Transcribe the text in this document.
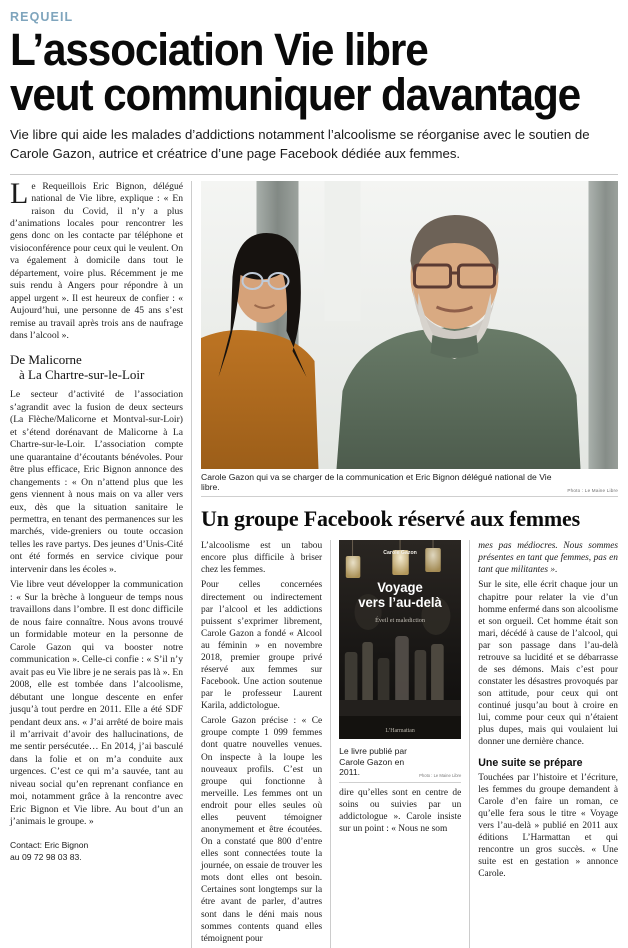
REQUEIL
L’association Vie libre
veut communiquer davantage
Vie libre qui aide les malades d’addictions notamment l’alcoolisme se réorganise avec le soutien de Carole Gazon, autrice et créatrice d’une page Facebook dédiée aux femmes.

Le Requeillois Eric Bignon, délégué national de Vie libre, explique : « En raison du Covid, il n’y a plus d’animations locales pour rencontrer les gens donc on les contacte par téléphone et visioconférence pour ceux qui le veulent. On va également à domicile dans tout le département, voire plus. Récemment je me suis rendu à Angers pour répondre à un appel urgent ». Il est heureux de confier : « Aujourd’hui, une personne de 45 ans s’est remise au travail après trois ans de naufrage dans l’alcool ».

De Malicorne
à La Chartre-sur-le-Loir

Le secteur d’activité de l’association s’agrandit avec la fusion de deux secteurs (La Flèche/Malicorne et Montval-sur-Loir) et s’étend dorénavant de Malicorne à La Chartre-sur-le-Loir. L’association compte une quarantaine d’écoutants bénévoles. Pour être plus efficace, Eric Bignon annonce des changements : « On n’attend plus que les gens viennent à nous mais on va aller vers eux, dès que la situation sanitaire le permettra, en tenant des permanences sur les marchés, vide-greniers ou toute occasion telles les rave partys. Des jeunes d’Unis-Cité ont été formés en service civique pour intervenir dans les écoles ».

Vie libre veut développer la communication : « Sur la brèche à longueur de temps nous travaillons dans l’ombre. Il est donc difficile de nous faire connaître. Nous avons trouvé un formidable moteur en la personne de Carole Gazon qui va booster notre communication ». Celle-ci confie : « S’il n’y avait pas eu Vie libre je ne serais pas là ». En 2008, elle est tombée dans l’alcoolisme, débutant une longue descente en enfer jusqu’à tout perdre en 2011. Elle a été SDF pendant deux ans. « J’ai arrêté de boire mais il m’arrivait d’avoir des hallucinations, de me sentir persécutée… En 2014, j’ai basculé dans la folie et on m’a conduite aux urgences. C’est ce qui m’a sauvée, tant au niveau social qu’en reprenant confiance en moi, notamment grâce à la rencontre avec Eric Bignon et Vie libre. Au bout d’un an j’animais le groupe. »

Contact: Eric Bignon
au 09 72 98 03 83.
Carole Gazon qui va se charger de la communication et Eric Bignon délégué national de Vie libre.	Photo : Le Maine Libre
Un groupe Facebook réservé aux femmes

L’alcoolisme est un tabou encore plus difficile à briser chez les femmes.

Pour celles concernées directement ou indirectement par l’alcool et les addictions puissent s’exprimer librement, Carole Gazon a fondé « Alcool au féminin » en novembre 2018, premier groupe privé réservé aux femmes sur Facebook. Une action soutenue par le professeur Laurent Karila, addictologue.

Carole Gazon précise : « Ce groupe compte 1 099 femmes dont quatre nouvelles venues. On inspecte à la loupe les nouveaux profils. C’est un groupe qui fonctionne à merveille. Les femmes ont un endroit pour elles seules où elles peuvent témoigner anonymement et être écoutées. On a constaté que 800 d’entre elles sont connectées toute la journée, on essaie de trouver les mots dont elles ont besoin. Certaines sont longtemps sur la étre avant de parler, d’autres sont dans le déni mais nous sommes contents quand elles témoignent pour

Carole Gazon
Voyage
vers l’au-delà
Éveil et malediction
L’Harmattan
Le livre publié par Carole Gazon en 2011.	Photo : Le Maine Libre

dire qu’elles sont en centre de soins ou suivies par un addictologue ». Carole insiste sur un point : « Nous ne som

mes pas médiocres. Nous sommes présentes en tant que femmes, pas en tant que militantes ».

Sur le site, elle écrit chaque jour un chapitre pour relater la vie d’un homme enfermé dans son alcoolisme et son orgueil. Cet homme était son mari, décédé à cause de l’alcool, qui par son passage dans l’au-delà retrouve sa lucidité et se débarrasse de ses démons. Mais c’est pour constater les désastres provoqués par son attitude, pour ceux qui ont continué jusqu’au bout à croire en lui, comme pour ceux qui n’étaient plus dupes, mais qui voulaient lui donner une dernière chance.

Une suite se prépare

Touchées par l’histoire et l’écriture, les femmes du groupe demandent à Carole d’en faire un roman, ce qu’elle fera sous le titre « Voyage vers l’au-delà » publié en 2011 aux éditions L’Harmattan et qui rencontre un gros succès. « Une suite est en gestation » annonce Carole.
